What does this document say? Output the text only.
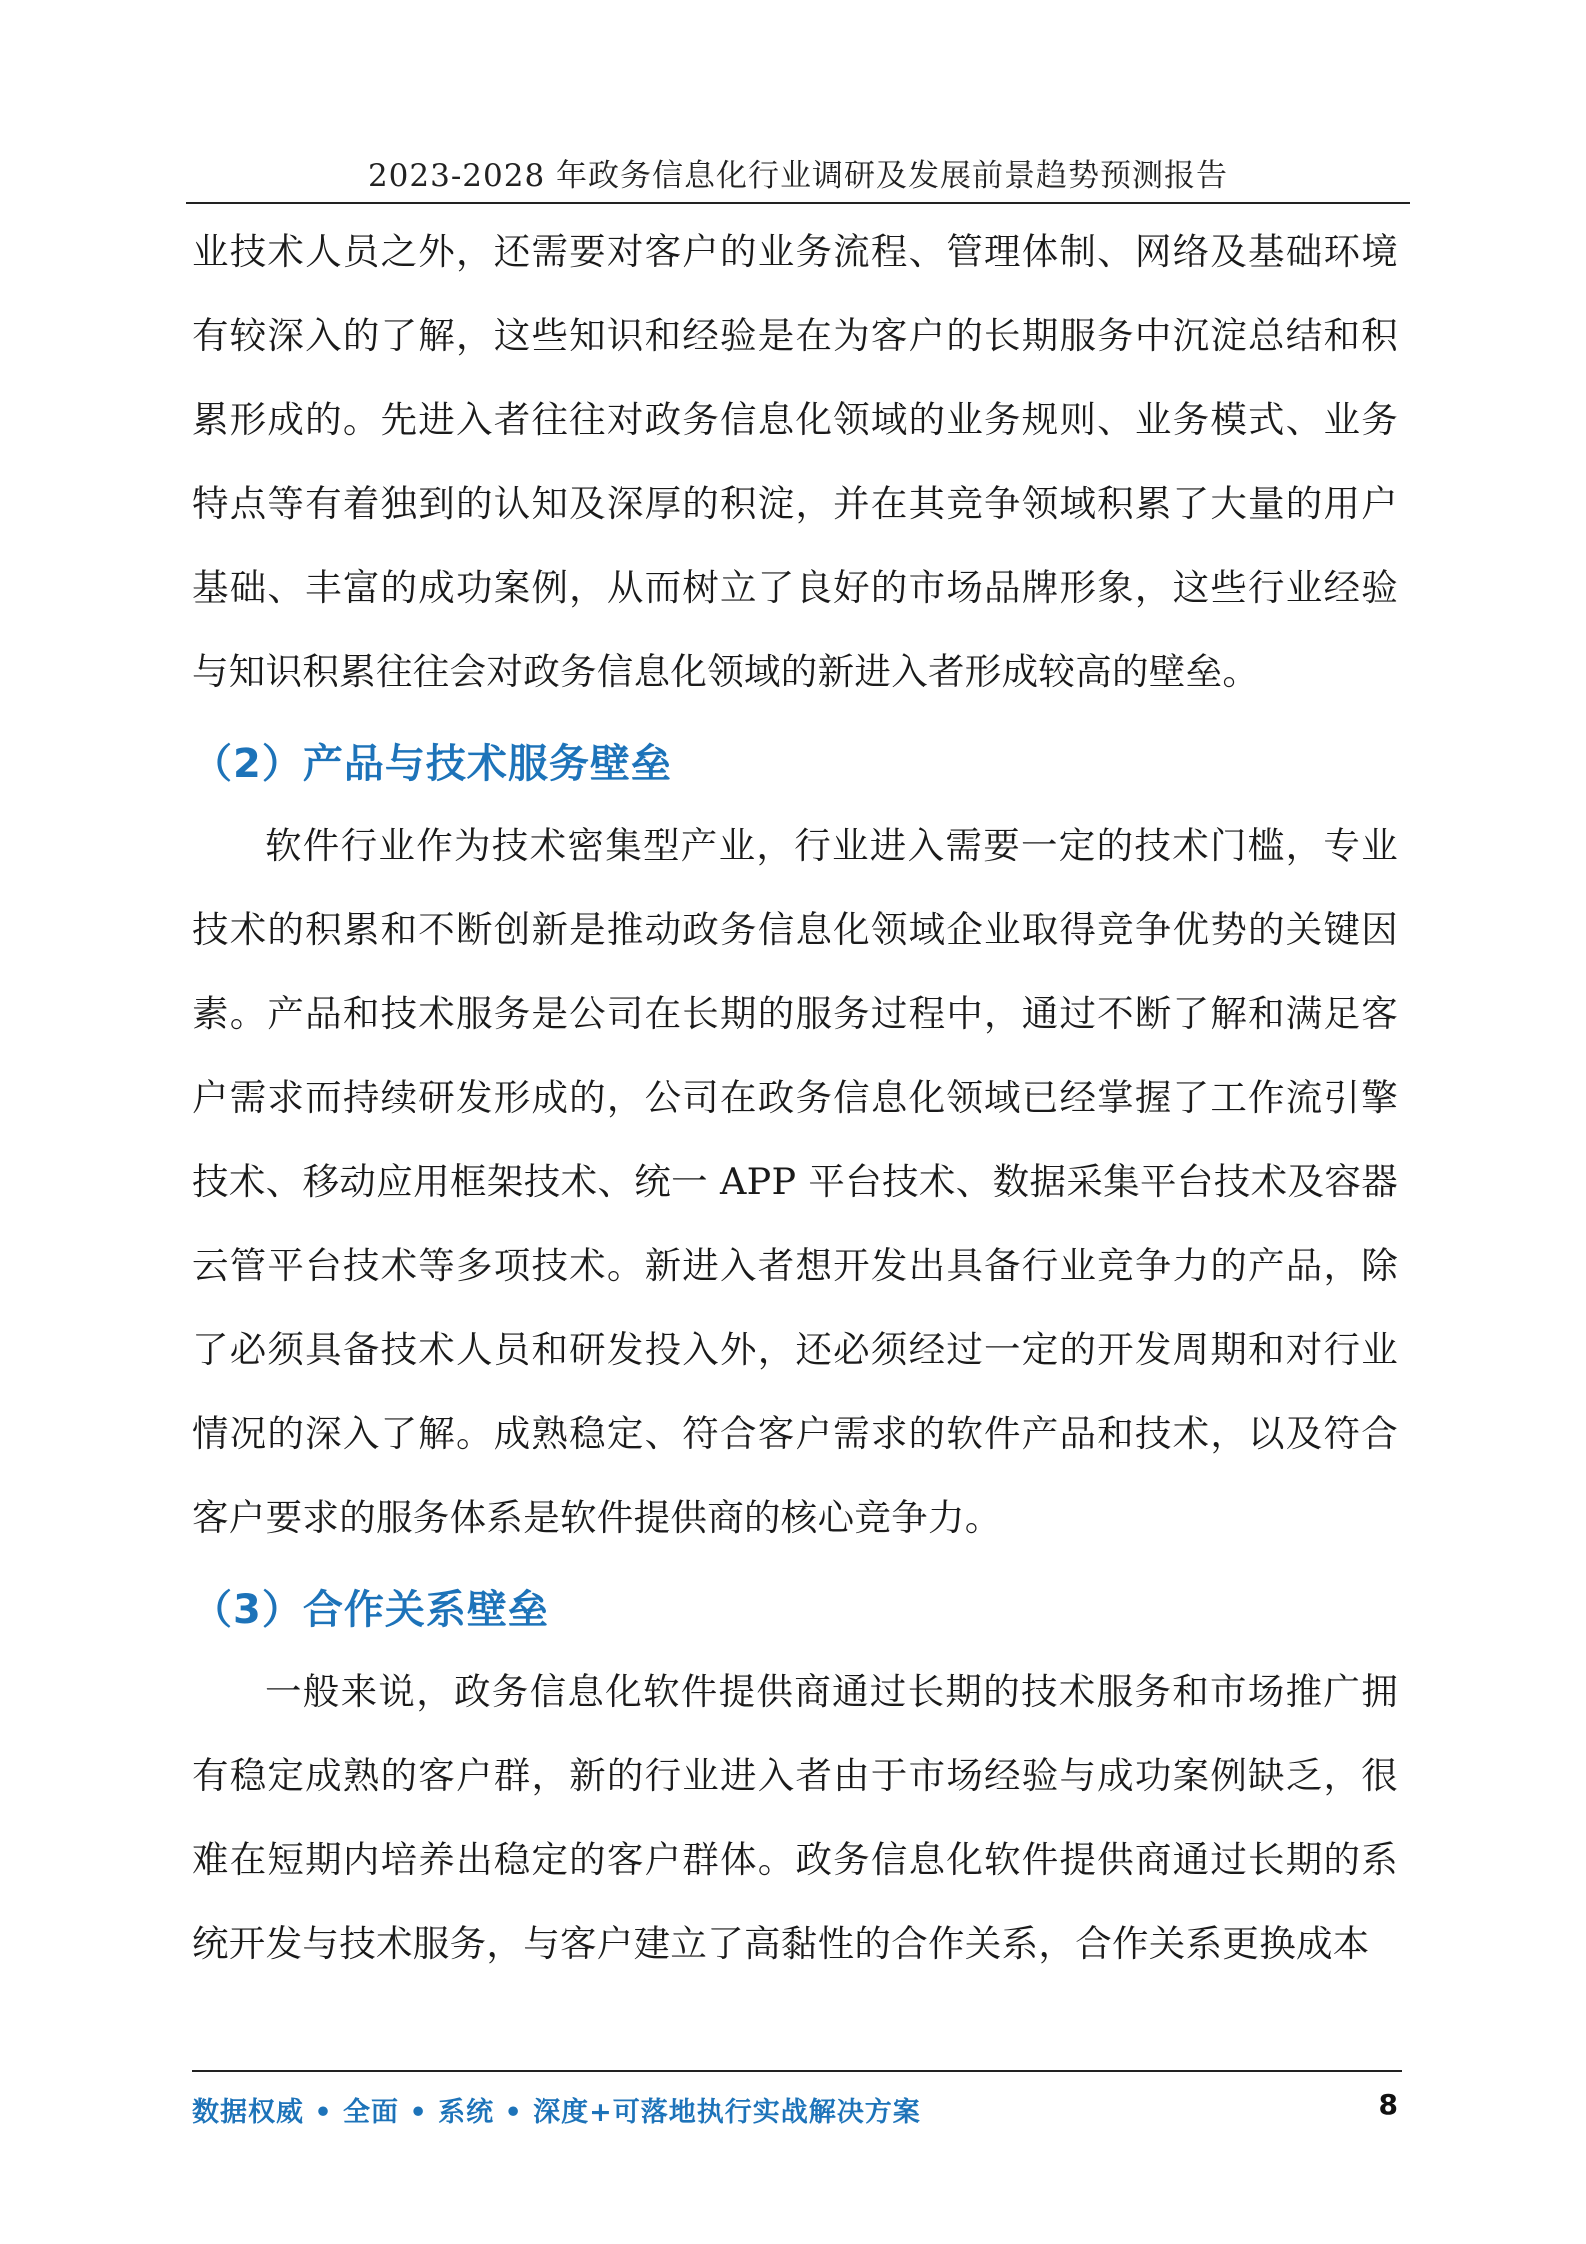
2023-2028 年政务信息化行业调研及发展前景趋势预测报告

业技术人员之外，还需要对客户的业务流程、管理体制、网络及基础环境有较深入的了解，这些知识和经验是在为客户的长期服务中沉淀总结和积累形成的。先进入者往往对政务信息化领域的业务规则、业务模式、业务特点等有着独到的认知及深厚的积淀，并在其竞争领域积累了大量的用户基础、丰富的成功案例，从而树立了良好的市场品牌形象，这些行业经验与知识积累往往会对政务信息化领域的新进入者形成较高的壁垒。

（2）产品与技术服务壁垒

软件行业作为技术密集型产业，行业进入需要一定的技术门槛，专业技术的积累和不断创新是推动政务信息化领域企业取得竞争优势的关键因素。产品和技术服务是公司在长期的服务过程中，通过不断了解和满足客户需求而持续研发形成的，公司在政务信息化领域已经掌握了工作流引擎技术、移动应用框架技术、统一 APP 平台技术、数据采集平台技术及容器云管平台技术等多项技术。新进入者想开发出具备行业竞争力的产品，除了必须具备技术人员和研发投入外，还必须经过一定的开发周期和对行业情况的深入了解。成熟稳定、符合客户需求的软件产品和技术，以及符合客户要求的服务体系是软件提供商的核心竞争力。

（3）合作关系壁垒

一般来说，政务信息化软件提供商通过长期的技术服务和市场推广拥有稳定成熟的客户群，新的行业进入者由于市场经验与成功案例缺乏，很难在短期内培养出稳定的客户群体。政务信息化软件提供商通过长期的系统开发与技术服务，与客户建立了高黏性的合作关系，合作关系更换成本

数据权威 • 全面 • 系统 • 深度+可落地执行实战解决方案	8
